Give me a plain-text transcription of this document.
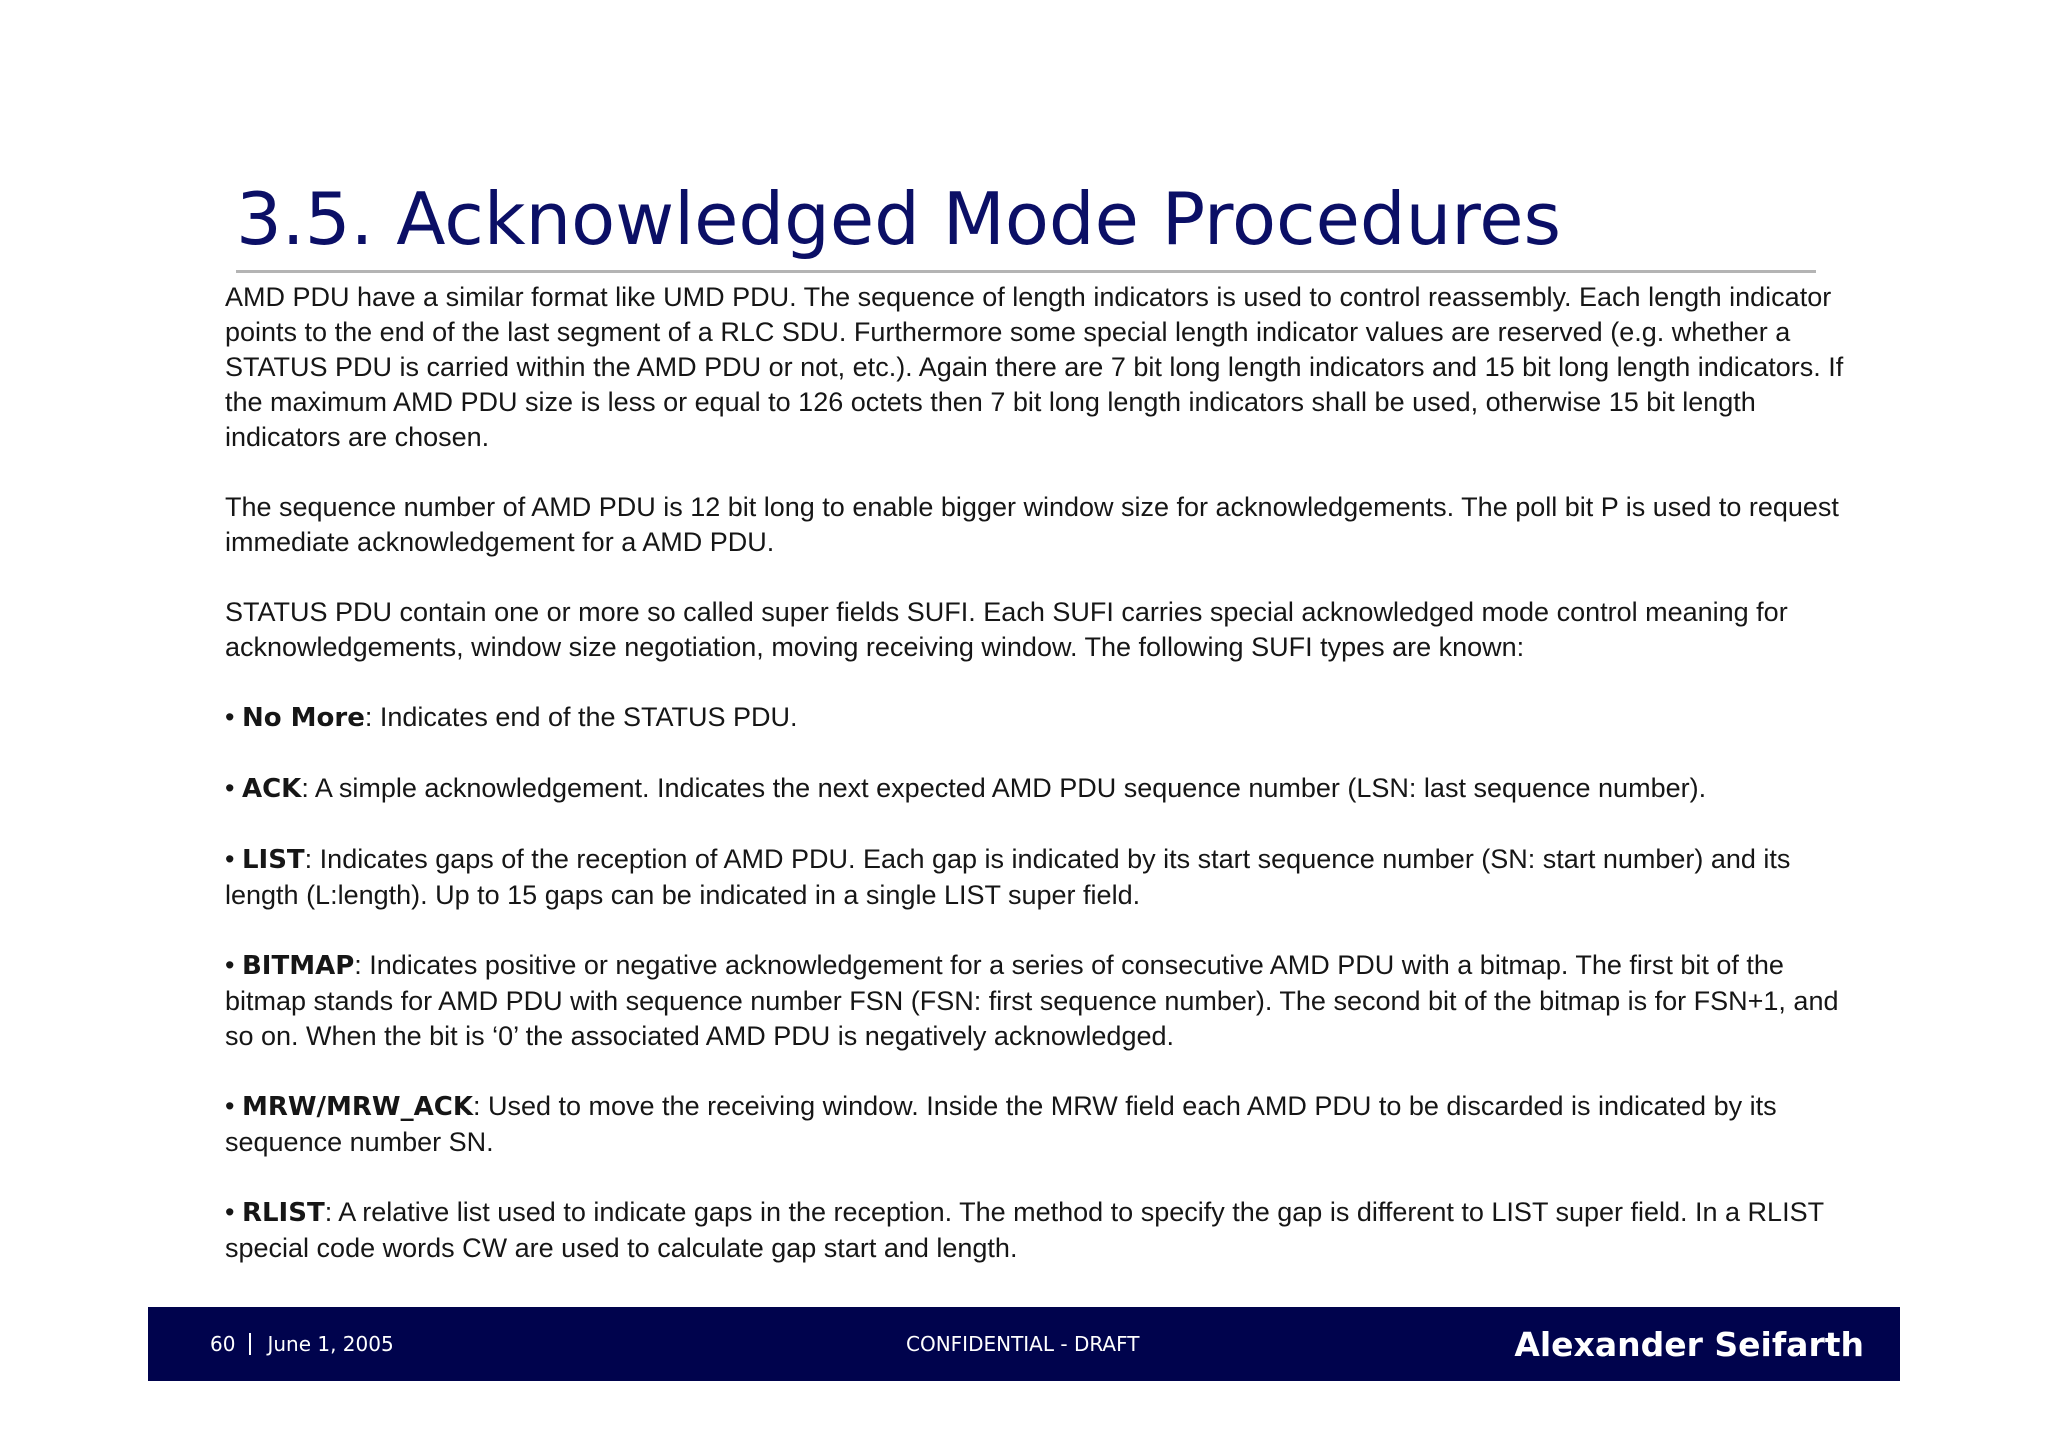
3.5. Acknowledged Mode Procedures

AMD PDU have a similar format like UMD PDU. The sequence of length indicators is used to control reassembly. Each length indicator points to the end of the last segment of a RLC SDU. Furthermore some special length indicator values are reserved (e.g. whether a STATUS PDU is carried within the AMD PDU or not, etc.). Again there are 7 bit long length indicators and 15 bit long length indicators. If the maximum AMD PDU size is less or equal to 126 octets then 7 bit long length indicators shall be used, otherwise 15 bit length indicators are chosen.

The sequence number of AMD PDU is 12 bit long to enable bigger window size for acknowledgements. The poll bit P is used to request immediate acknowledgement for a AMD PDU.

STATUS PDU contain one or more so called super fields SUFI. Each SUFI carries special acknowledged mode control meaning for acknowledgements, window size negotiation, moving receiving window. The following SUFI types are known:

• No More: Indicates end of the STATUS PDU.

• ACK: A simple acknowledgement. Indicates the next expected AMD PDU sequence number (LSN: last sequence number).

• LIST: Indicates gaps of the reception of AMD PDU. Each gap is indicated by its start sequence number (SN: start number) and its length (L:length). Up to 15 gaps can be indicated in a single LIST super field.

• BITMAP: Indicates positive or negative acknowledgement for a series of consecutive AMD PDU with a bitmap. The first bit of the bitmap stands for AMD PDU with sequence number FSN (FSN: first sequence number). The second bit of the bitmap is for FSN+1, and so on. When the bit is ‘0’ the associated AMD PDU is negatively acknowledged.

• MRW/MRW_ACK: Used to move the receiving window. Inside the MRW field each AMD PDU to be discarded is indicated by its sequence number SN.

• RLIST: A relative list used to indicate gaps in the reception. The method to specify the gap is different to LIST super field. In a RLIST special code words CW are used to calculate gap start and length.

60 June 1, 2005	CONFIDENTIAL - DRAFT	Alexander Seifarth
